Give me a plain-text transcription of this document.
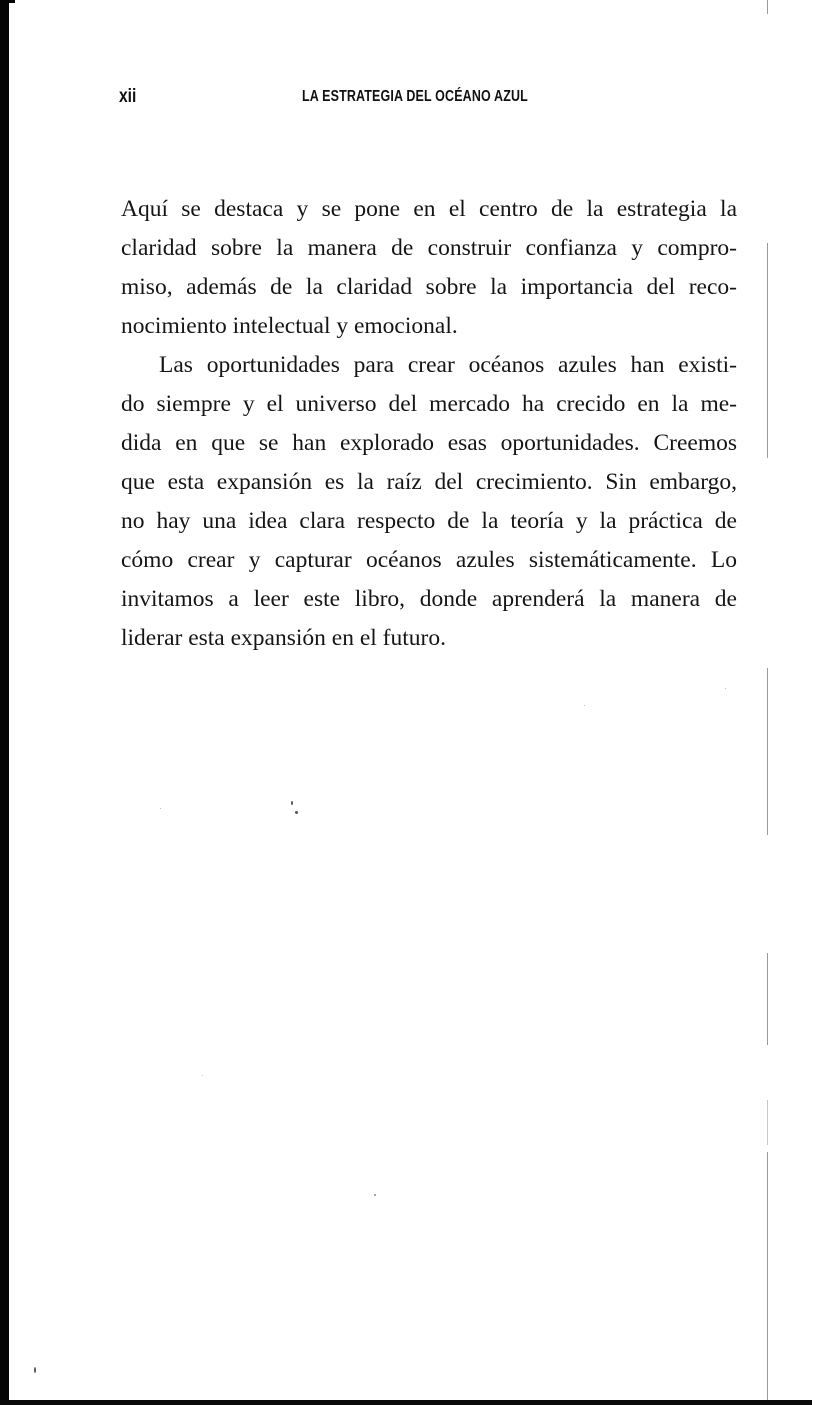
xii	LA ESTRATEGIA DEL OCÉANO AZUL

Aquí se destaca y se pone en el centro de la estrategia la
claridad sobre la manera de construir confianza y compro-
miso, además de la claridad sobre la importancia del reco-
nocimiento intelectual y emocional.

Las oportunidades para crear océanos azules han existi-
do siempre y el universo del mercado ha crecido en la me-
dida en que se han explorado esas oportunidades. Creemos
que esta expansión es la raíz del crecimiento. Sin embargo,
no hay una idea clara respecto de la teoría y la práctica de
cómo crear y capturar océanos azules sistemáticamente. Lo
invitamos a leer este libro, donde aprenderá la manera de
liderar esta expansión en el futuro.
